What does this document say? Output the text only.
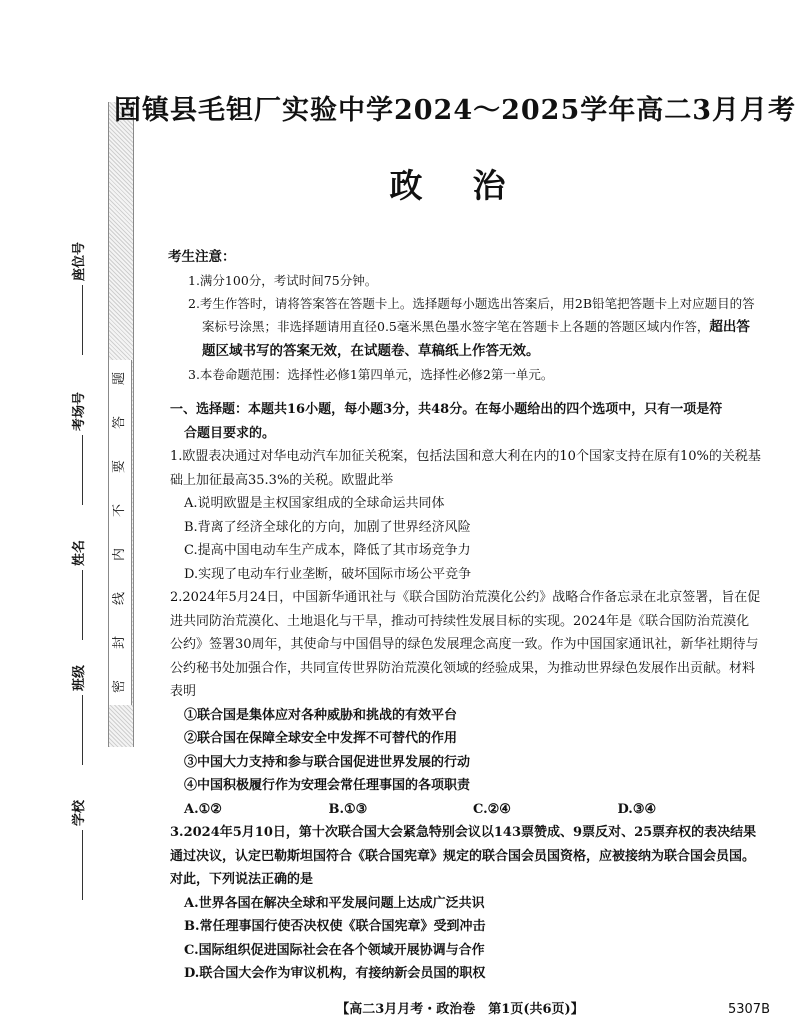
题
答
要
不
内
线
封
密
座位号
考场号
姓名
班级
学校
固镇县毛钽厂实验中学2024～2025学年高二3月月考
政治
考生注意：
1.满分100分，考试时间75分钟。
2.考生作答时，请将答案答在答题卡上。选择题每小题选出答案后，用2B铅笔把答题卡上对应题目的答案标号涂黑；非选择题请用直径0.5毫米黑色墨水签字笔在答题卡上各题的答题区域内作答，超出答题区域书写的答案无效，在试题卷、草稿纸上作答无效。
3.本卷命题范围：选择性必修1第四单元，选择性必修2第一单元。
一、选择题：本题共16小题，每小题3分，共48分。在每小题给出的四个选项中，只有一项是符
合题目要求的。
1.欧盟表决通过对华电动汽车加征关税案，包括法国和意大利在内的10个国家支持在原有10%的关税基础上加征最高35.3%的关税。欧盟此举
A.说明欧盟是主权国家组成的全球命运共同体
B.背离了经济全球化的方向，加剧了世界经济风险
C.提高中国电动车生产成本，降低了其市场竞争力
D.实现了电动车行业垄断，破坏国际市场公平竞争
2.2024年5月24日，中国新华通讯社与《联合国防治荒漠化公约》战略合作备忘录在北京签署，旨在促进共同防治荒漠化、土地退化与干旱，推动可持续性发展目标的实现。2024年是《联合国防治荒漠化公约》签署30周年，其使命与中国倡导的绿色发展理念高度一致。作为中国国家通讯社，新华社期待与公约秘书处加强合作，共同宣传世界防治荒漠化领域的经验成果，为推动世界绿色发展作出贡献。材料表明
①联合国是集体应对各种威胁和挑战的有效平台
②联合国在保障全球安全中发挥不可替代的作用
③中国大力支持和参与联合国促进世界发展的行动
④中国积极履行作为安理会常任理事国的各项职责
A.①②	B.①③	C.②④	D.③④
3.2024年5月10日，第十次联合国大会紧急特别会议以143票赞成、9票反对、25票弃权的表决结果通过决议，认定巴勒斯坦国符合《联合国宪章》规定的联合国会员国资格，应被接纳为联合国会员国。对此，下列说法正确的是
A.世界各国在解决全球和平发展问题上达成广泛共识
B.常任理事国行使否决权使《联合国宪章》受到冲击
C.国际组织促进国际社会在各个领域开展协调与合作
D.联合国大会作为审议机构，有接纳新会员国的职权
【高二3月月考・政治卷　第1页(共6页)】	5307B
